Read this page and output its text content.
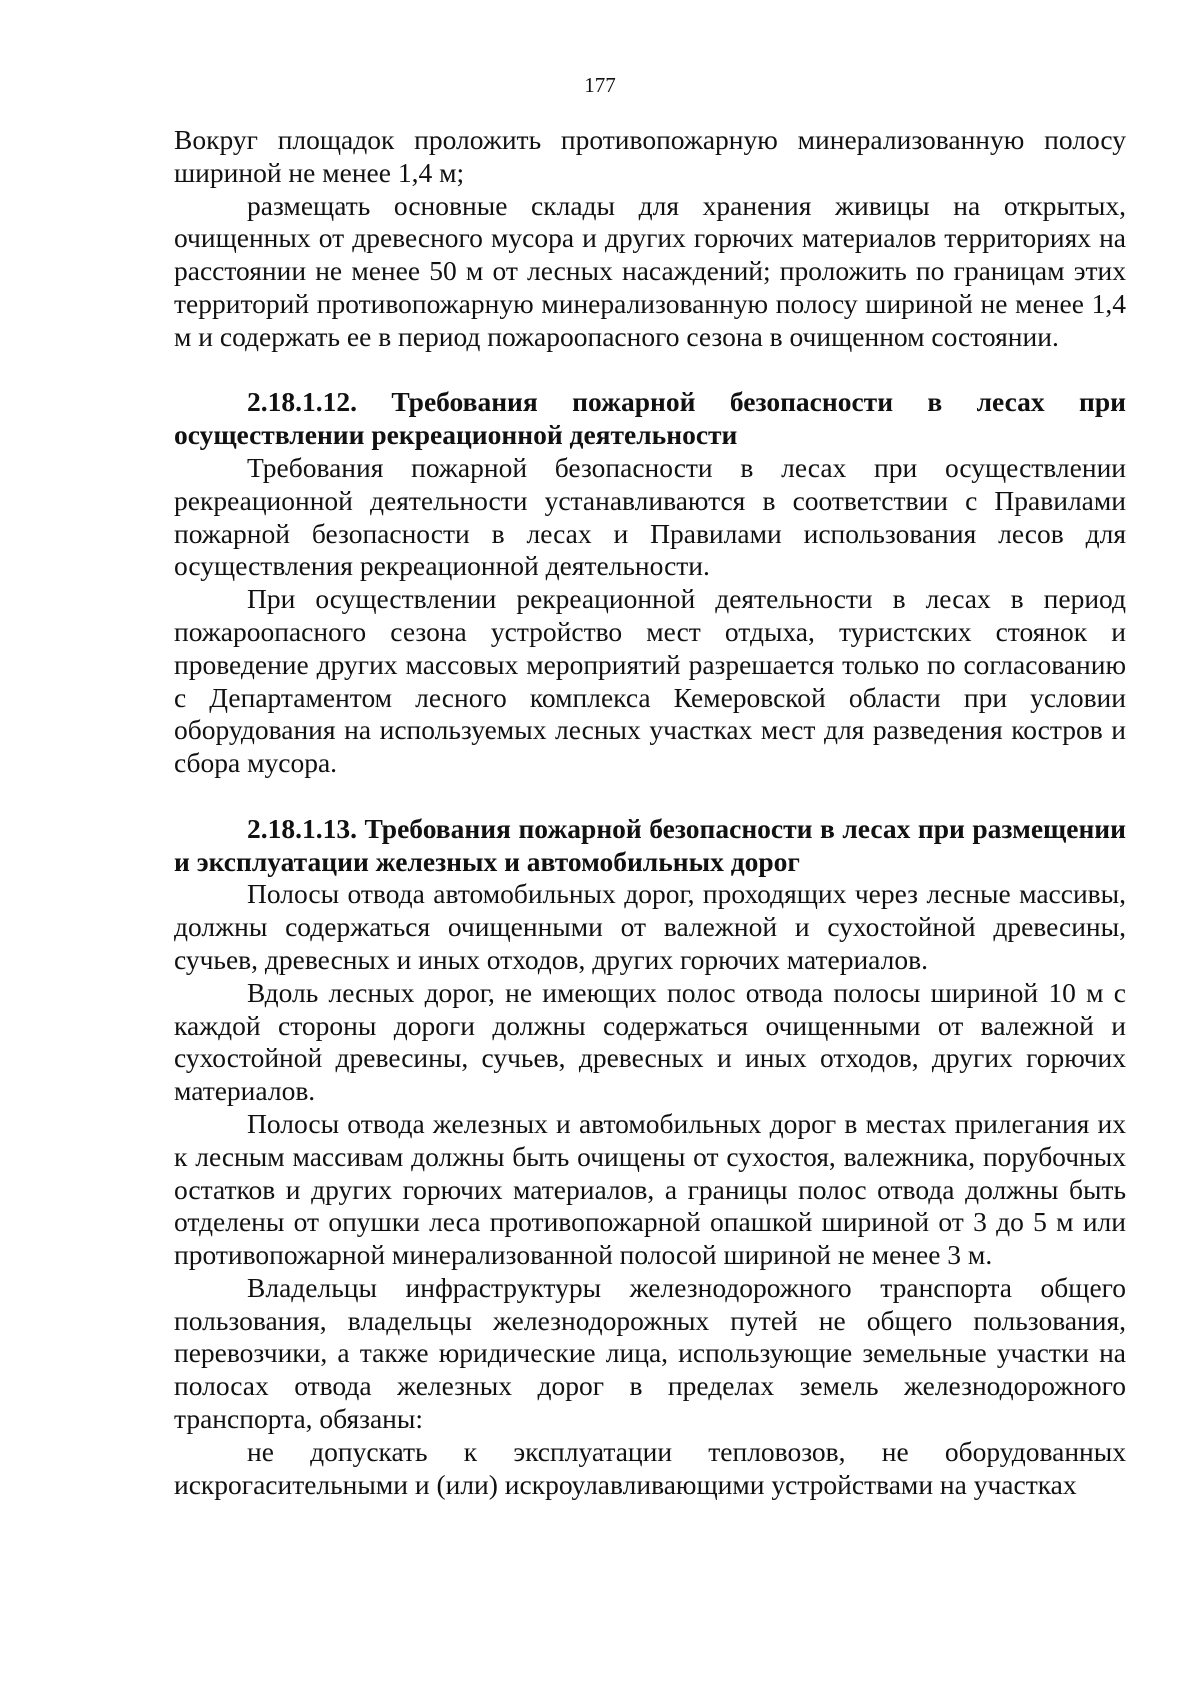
177

Вокруг площадок проложить противопожарную минерализованную полосу шириной не менее 1,4 м;

размещать основные склады для хранения живицы на открытых, очищенных от древесного мусора и других горючих материалов территориях на расстоянии не менее 50 м от лесных насаждений; проложить по границам этих территорий противопожарную минерализованную полосу шириной не менее 1,4 м и содержать ее в период пожароопасного сезона в очищенном состоянии.

2.18.1.12. Требования пожарной безопасности в лесах при осуществлении рекреационной деятельности

Требования пожарной безопасности в лесах при осуществлении рекреационной деятельности устанавливаются в соответствии с Правилами пожарной безопасности в лесах и Правилами использования лесов для осуществления рекреационной деятельности.

При осуществлении рекреационной деятельности в лесах в период пожароопасного сезона устройство мест отдыха, туристских стоянок и проведение других массовых мероприятий разрешается только по согласованию с Департаментом лесного комплекса Кемеровской области при условии оборудования на используемых лесных участках мест для разведения костров и сбора мусора.

2.18.1.13. Требования пожарной безопасности в лесах при размещении и эксплуатации железных и автомобильных дорог

Полосы отвода автомобильных дорог, проходящих через лесные массивы, должны содержаться очищенными от валежной и сухостойной древесины, сучьев, древесных и иных отходов, других горючих материалов.

Вдоль лесных дорог, не имеющих полос отвода полосы шириной 10 м с каждой стороны дороги должны содержаться очищенными от валежной и сухостойной древесины, сучьев, древесных и иных отходов, других горючих материалов.

Полосы отвода железных и автомобильных дорог в местах прилегания их к лесным массивам должны быть очищены от сухостоя, валежника, порубочных остатков и других горючих материалов, а границы полос отвода должны быть отделены от опушки леса противопожарной опашкой шириной от 3 до 5 м или противопожарной минерализованной полосой шириной не менее 3 м.

Владельцы инфраструктуры железнодорожного транспорта общего пользования, владельцы железнодорожных путей не общего пользования, перевозчики, а также юридические лица, использующие земельные участки на полосах отвода железных дорог в пределах земель железнодорожного транспорта, обязаны:

не допускать к эксплуатации тепловозов, не оборудованных искрогасительными и (или) искроулавливающими устройствами на участках
